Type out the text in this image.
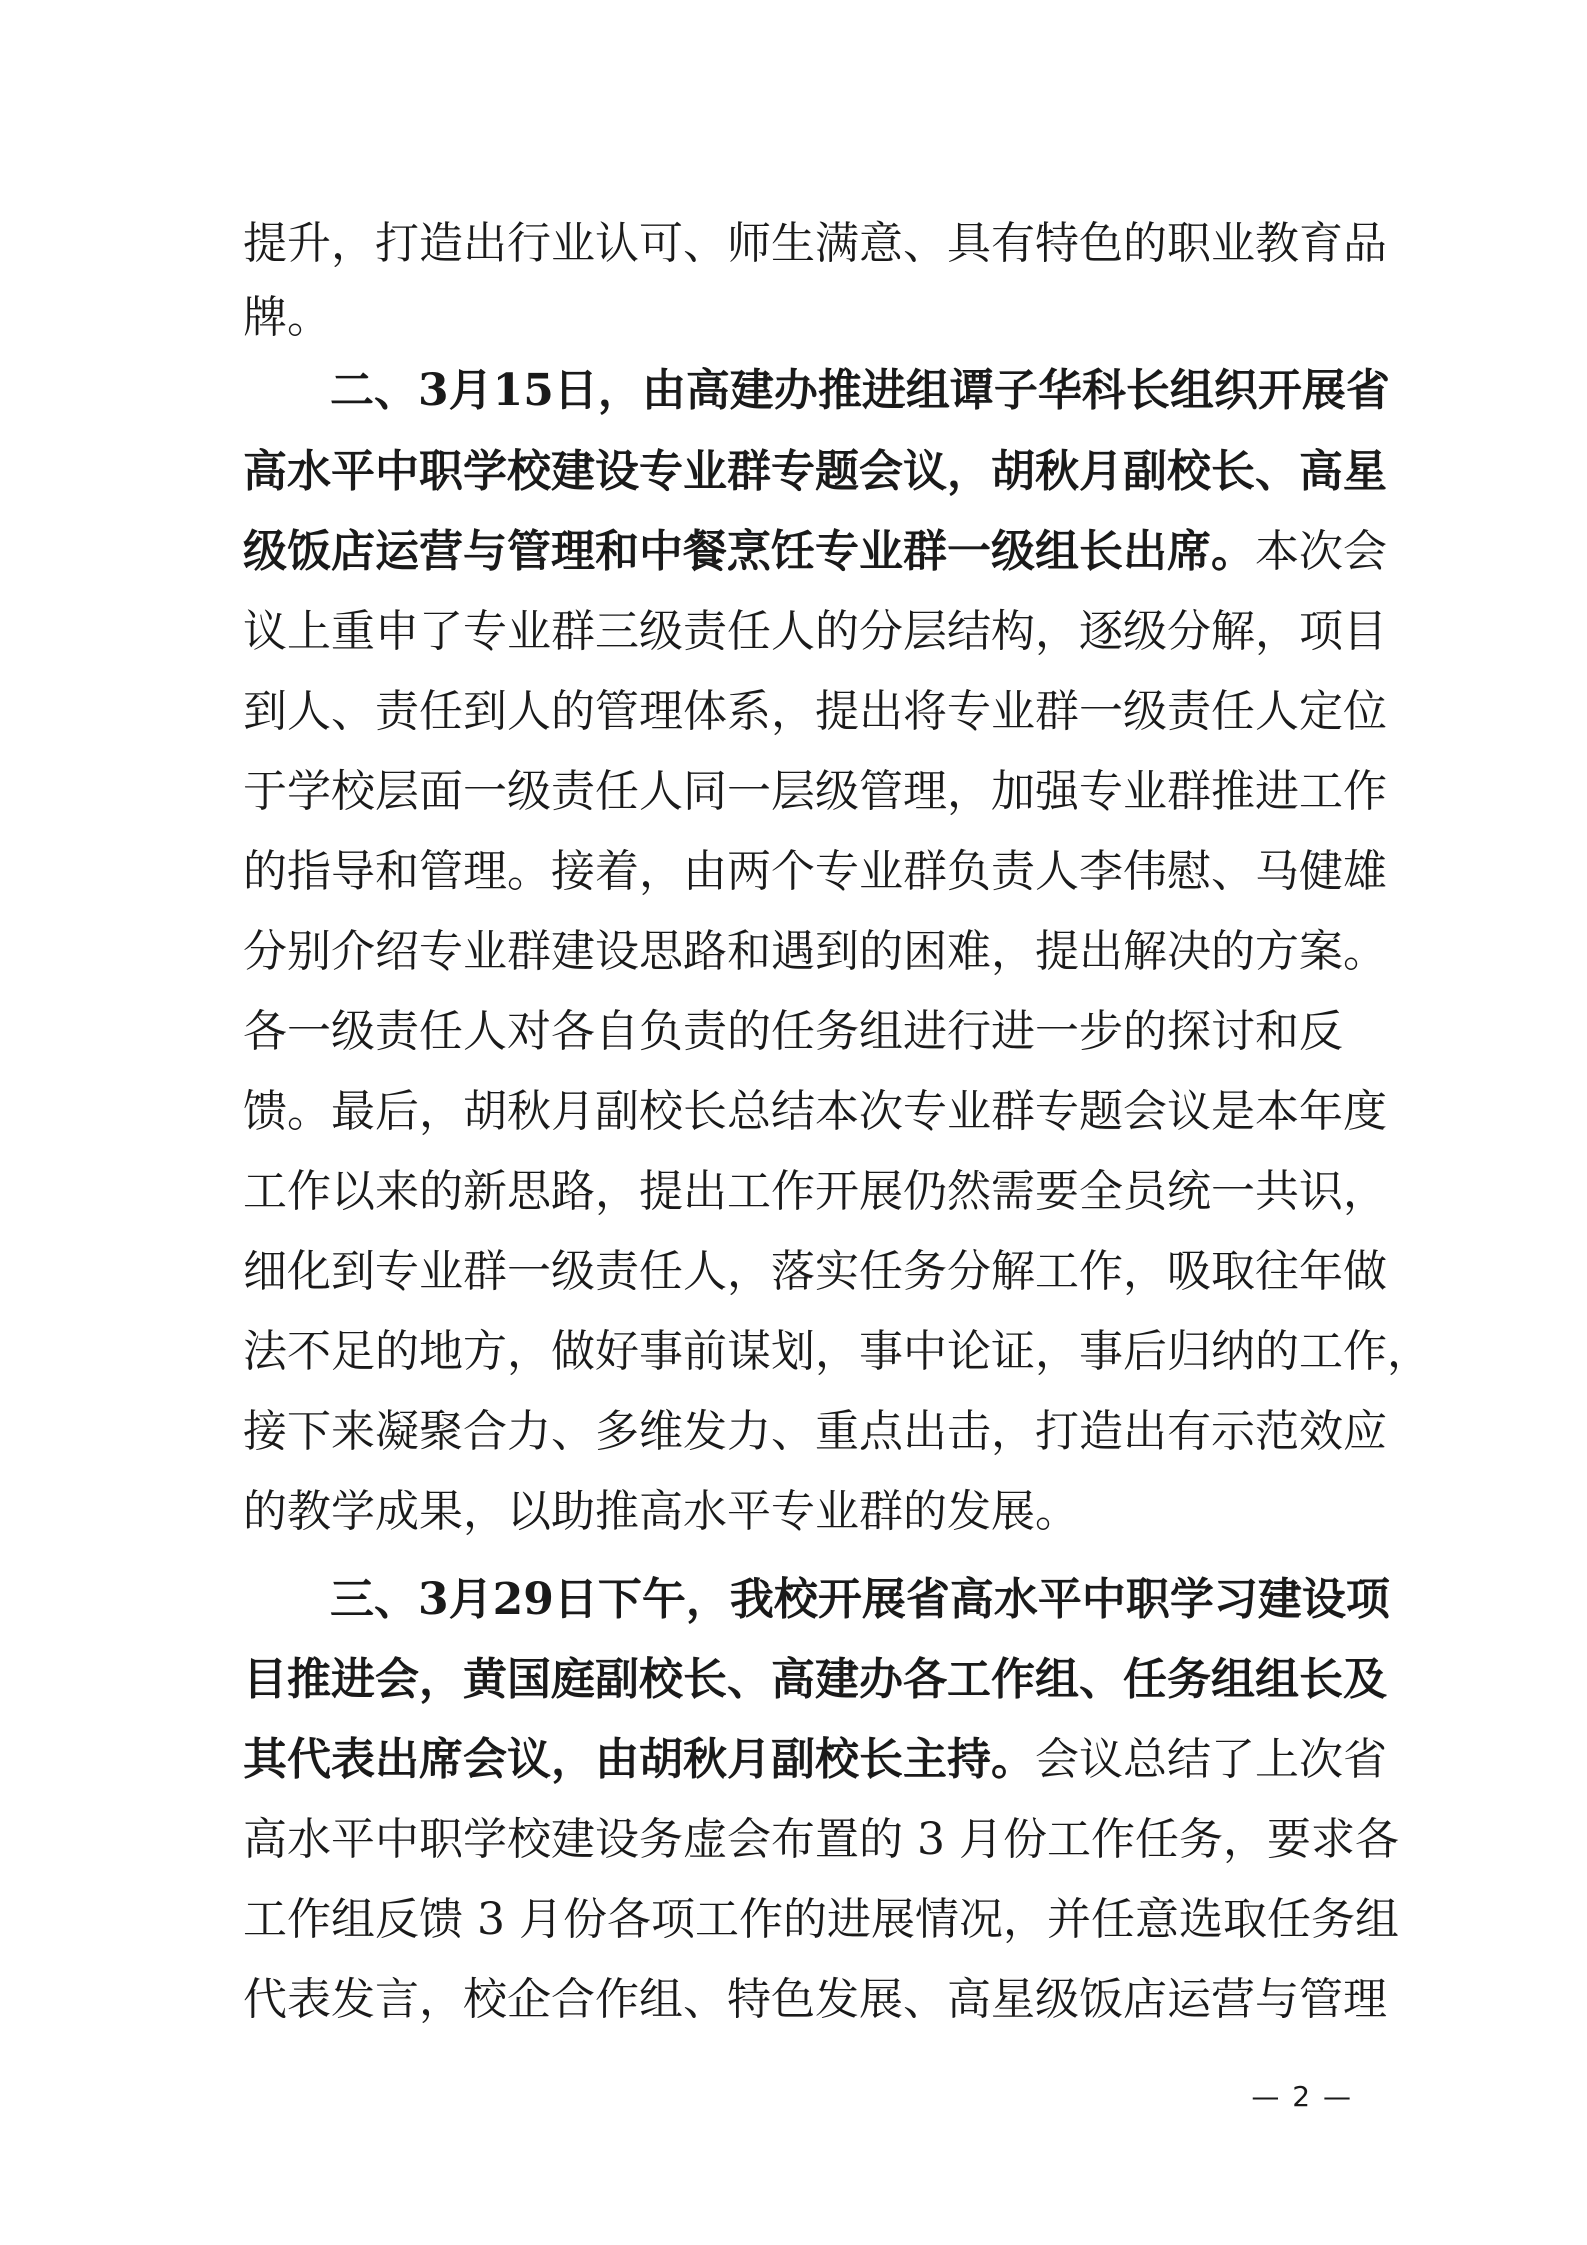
提升，打造出行业认可、师生满意、具有特色的职业教育品
牌。
二、3月15日，由高建办推进组谭子华科长组织开展省
高水平中职学校建设专业群专题会议，胡秋月副校长、高星
级饭店运营与管理和中餐烹饪专业群一级组长出席。本次会
议上重申了专业群三级责任人的分层结构，逐级分解，项目
到人、责任到人的管理体系，提出将专业群一级责任人定位
于学校层面一级责任人同一层级管理，加强专业群推进工作
的指导和管理。接着，由两个专业群负责人李伟慰、马健雄
分别介绍专业群建设思路和遇到的困难，提出解决的方案。
各一级责任人对各自负责的任务组进行进一步的探讨和反
馈。最后，胡秋月副校长总结本次专业群专题会议是本年度
工作以来的新思路，提出工作开展仍然需要全员统一共识，
细化到专业群一级责任人，落实任务分解工作，吸取往年做
法不足的地方，做好事前谋划，事中论证，事后归纳的工作，
接下来凝聚合力、多维发力、重点出击，打造出有示范效应
的教学成果，以助推高水平专业群的发展。
三、3月29日下午，我校开展省高水平中职学习建设项
目推进会，黄国庭副校长、高建办各工作组、任务组组长及
其代表出席会议，由胡秋月副校长主持。会议总结了上次省
高水平中职学校建设务虚会布置的 3 月份工作任务，要求各
工作组反馈 3 月份各项工作的进展情况，并任意选取任务组
代表发言，校企合作组、特色发展、高星级饭店运营与管理
— 2 —
